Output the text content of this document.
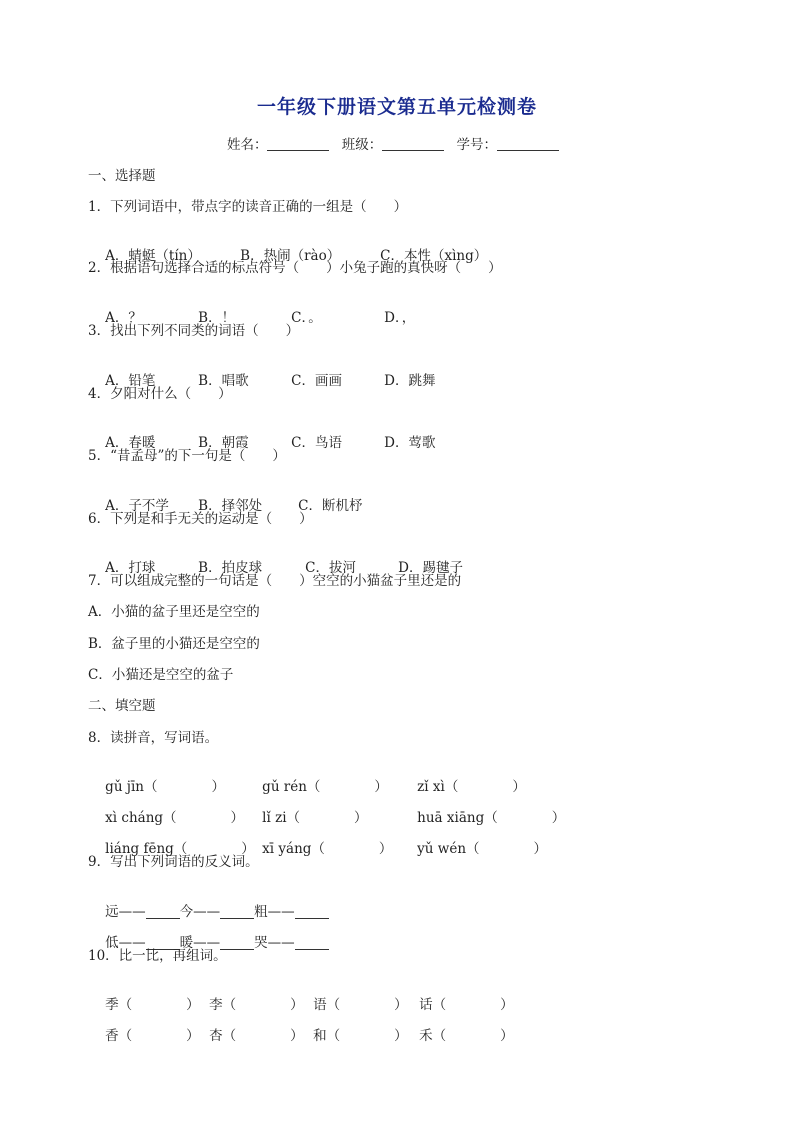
一年级下册语文第五单元检测卷
姓名：	班级：	学号：
一、选择题
1．下列词语中，带点字的读音正确的一组是（　　）

A．蜻蜓（tín）	B．热闹（rào）	C．本性（xìng）

2．根据语句选择合适的标点符号（　　）小兔子跑的真快呀（　　）

A．？	B．！	C．。	D．，

3．找出下列不同类的词语（　　）

A．铅笔	B．唱歌	C．画画	D．跳舞

4．夕阳对什么（　　）

A．春暖	B．朝霞	C．鸟语	D．莺歌

5．“昔孟母”的下一句是（　　）

A．子不学 B．择邻处	C．断机杼

6．下列是和手无关的运动是（　　）

A．打球	B．拍皮球	C．拔河	D．踢毽子

7．可以组成完整的一句话是（　　）空空的小猫盆子里还是的
A．小猫的盆子里还是空空的
B．盆子里的小猫还是空空的
C．小猫还是空空的盆子
二、填空题
8．读拼音，写词语。

gǔ jīn（　　　　）	gǔ rén（　　　　） zǐ xì（　　　　）

xì cháng（　　　　） lǐ zi（　　　　）	huā xiāng（　　　　）

liáng fēng（　　　　） xī yáng（　　　　） yǔ wén（　　　　）

9．写出下列词语的反义词。

远——	今——	粗——

低——	暖——	哭——

10．比一比，再组词。

季（　　　　） 李（　　　　） 语（　　　　） 话（　　　　）

香（　　　　） 杏（　　　　） 和（　　　　） 禾（　　　　）
